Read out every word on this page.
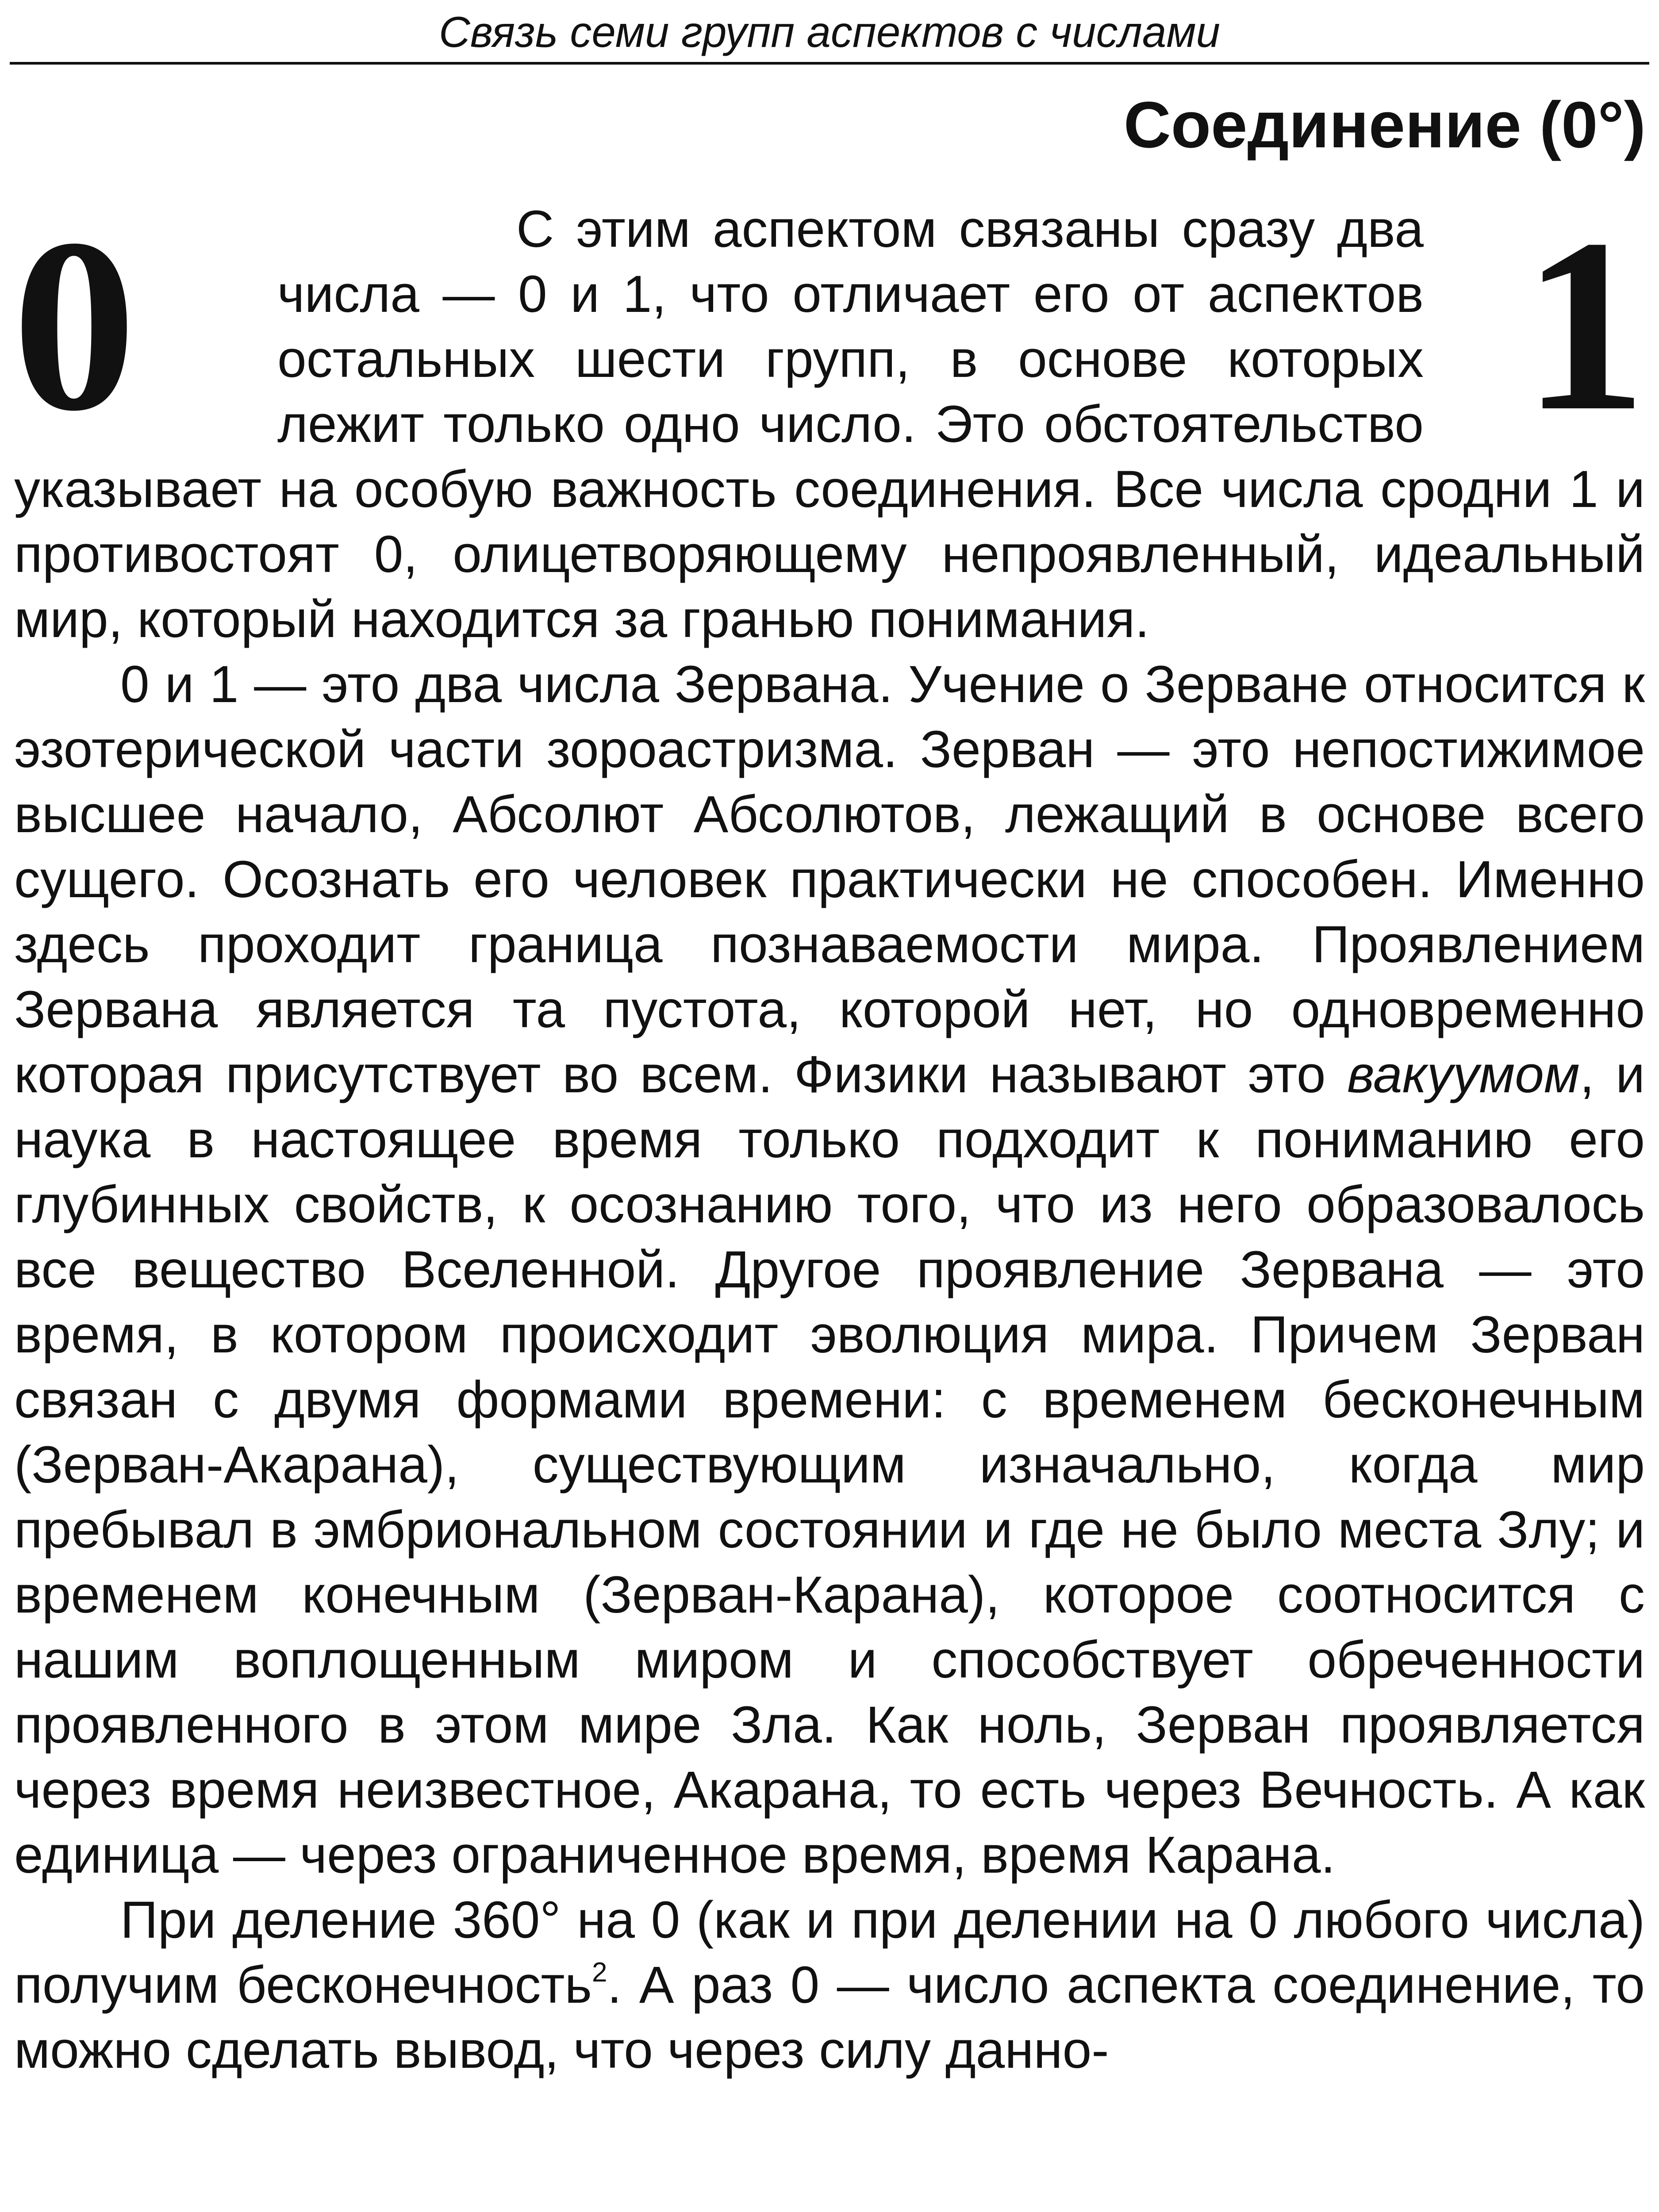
Связь семи групп аспектов с числами
Соединение (0°)
0	1

С этим аспектом связаны сразу два числа — 0 и 1, что отличает его от аспектов остальных шести групп, в основе которых лежит только одно число. Это обстоятельство указывает на особую важность соединения. Все числа сродни 1 и противостоят 0, олицетворяющему непроявленный, идеальный мир, который находится за гранью понимания.

0 и 1 — это два числа Зервана. Учение о Зерване относится к эзотерической части зороастризма. Зерван — это непостижимое высшее начало, Абсолют Абсолютов, лежащий в основе всего сущего. Осознать его человек практически не способен. Именно здесь проходит граница познаваемости мира. Проявлением Зервана является та пустота, которой нет, но одновременно которая присутствует во всем. Физики называют это вакуумом, и наука в настоящее время только подходит к пониманию его глубинных свойств, к осознанию того, что из него образовалось все вещество Вселенной. Другое проявление Зервана — это время, в котором происходит эволюция мира. Причем Зерван связан с двумя формами времени: с временем бесконечным (Зерван-Акарана), существующим изначально, когда мир пребывал в эмбриональном состоянии и где не было места Злу; и временем конечным (Зерван-Карана), которое соотносится с нашим воплощенным миром и способствует обреченности проявленного в этом мире Зла. Как ноль, Зерван проявляется через время неизвестное, Акарана, то есть через Вечность. А как единица — через ограниченное время, время Карана.

При деление 360° на 0 (как и при делении на 0 любого числа) получим бесконечность$^2$. А раз 0 — число аспекта соединение, то можно сделать вывод, что через силу данно-
